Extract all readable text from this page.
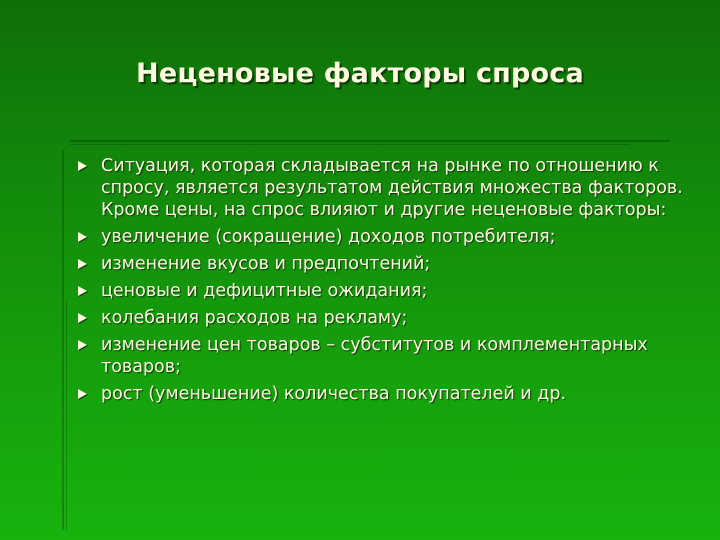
Неценовые факторы спроса
Ситуация, которая складывается на рынке по отношению к спросу, является результатом действия множества факторов. Кроме цены, на спрос влияют и другие неценовые факторы:
увеличение (сокращение) доходов потребителя;
изменение вкусов и предпочтений;
ценовые и дефицитные ожидания;
колебания расходов на рекламу;
изменение цен товаров – субститутов и комплементарных товаров;
рост (уменьшение) количества покупателей и др.
